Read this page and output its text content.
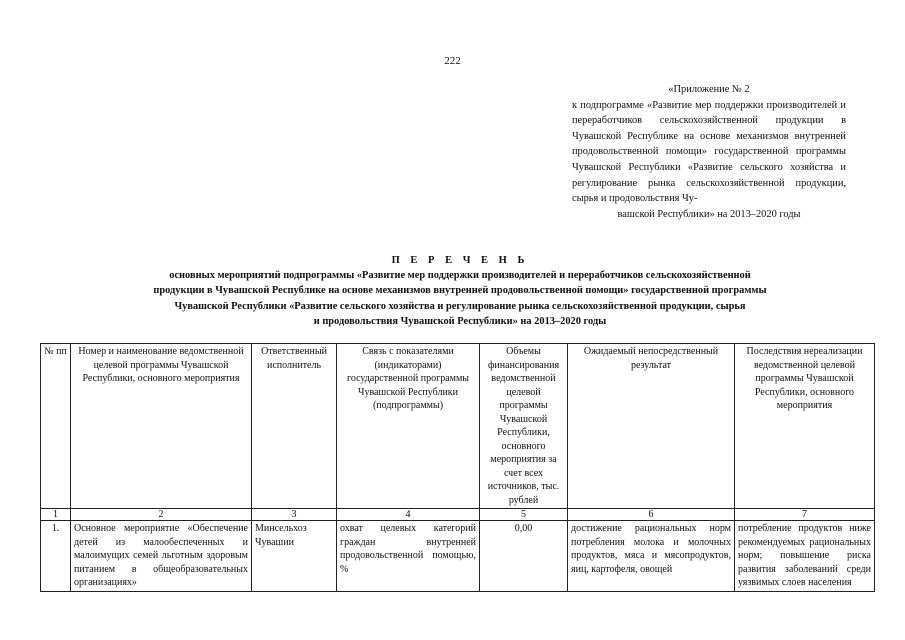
222
«Приложение № 2
к подпрограмме «Развитие мер поддержки производителей и переработчиков сельскохозяйственной продукции в Чувашской Республике на основе механизмов внутренней продовольственной помощи» государственной программы Чувашской Республики «Развитие сельского хозяйства и регулирование рынка сельскохозяйственной продукции, сырья и продовольствия Чу-
вашской Республики» на 2013–2020 годы
П Е Р Е Ч Е Н Ь
основных мероприятий подпрограммы «Развитие мер поддержки производителей и переработчиков сельскохозяйственной
продукции в Чувашской Республике на основе механизмов внутренней продовольственной помощи» государственной программы
Чувашской Республики «Развитие сельского хозяйства и регулирование рынка сельскохозяйственной продукции, сырья
и продовольствия Чувашской Республики» на 2013–2020 годы
№ пп	Номер и наименование ведомственной целевой программы Чувашской Республики, основного мероприятия	Ответственный исполнитель	Связь с показателями (индикаторами) государственной программы Чувашской Республики (подпрограммы)	Объемы финансирования ведомственной целевой программы Чувашской Республики, основного мероприятия за счет всех источников, тыс. рублей	Ожидаемый непосредственный результат	Последствия нереализации ведомственной целевой программы Чувашской Республики, основного мероприятия
1	2	3	4	5	6	7
1.	Основное мероприятие «Обеспечение детей из малообеспеченных и малоимущих семей льготным здоровым питанием в общеобразовательных организациях»	Минсельхоз Чувашии	охват целевых категорий граждан внутренней продовольственной помощью, %	0,00	достижение рациональных норм потребления молока и молочных продуктов, мяса и мясопродуктов, яиц, картофеля, овощей	потребление продуктов ниже рекомендуемых рациональных норм; повышение риска развития заболеваний среди уязвимых слоев населения
